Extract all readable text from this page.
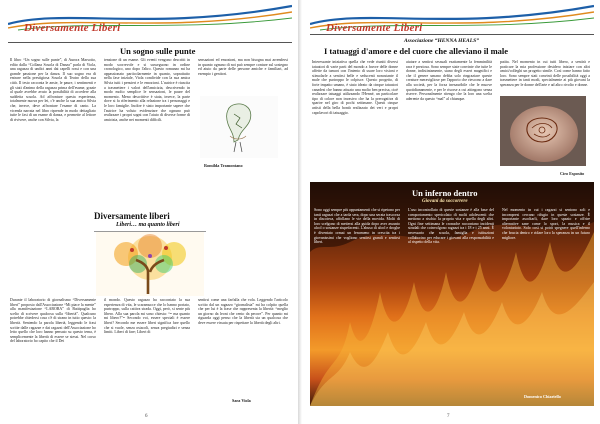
Diversamente Liberi
Un sogno sulle punte

Il libro “Un sogno sulle punte”, di Aurora Marsotto, edito dalla “Collana Scuola di Danza” parla di Viola, una ragazza di undici anni dai capelli rossi e con una grande passione per la danza. Il suo sogno era di entrare nella prestigiosa Scuola di Teatro della sua città. Il testo racconta le ansie, le paure, i sentimenti e gli stati d'animo della ragazza prima dell'esame, grazie al quale avrebbe avuto la possibilità di accedere alla suddetta scuola. Ad affrontare questa esperienza, totalmente nuova per lei, c'è anche la sua amica Silvia che, invece, deve affrontare l'esame di canto. La vicenda narrata nel libro riprende in modo dettagliato tutte le fasi di un esame di danza, e permette al lettore di rivivere, anche con Silvia, la

tensione di un esame. Gli eventi vengono descritti in modo scorrevole e si susseguono in ordine cronologico, uno dopo l'altro. Questo romanzo mi ha appassionato particolarmente in quanto, soprattutto nella fase iniziale, Viola condivide con la sua amica Silvia tutti i pensieri e le emozioni. L'autrice è riuscita a trasmettere i valori dell'amicizia, descrivendo in modo molto semplice le sensazioni, le paure del momento. Meno descrittive è stata, invece, la parte dove si fa riferimento alla relazione tra i personaggi e le loro famiglie. Inoltre è stato importante sapere che l'autrice ha voluto evidenziare che ognuno può realizzare i propri sogni con l'aiuto di diverse forme di amicizia, anche nei momenti difficili.

sensazioni ed emozioni, ma non bisogna mai arrendersi in quanto ognuno di noi può sempre contare sul sostegno ed aiuto da parte delle persone amiche e familiari, ad esempio i genitori.

Romilda Tramontano
Diversamente liberi
Liberi… ma quanto liberi

Durante il laboratorio di giornalismo “Diversamente liberi” proposto dall'Associazione “Mi piace la mente” alla manifestazione “LABORA” di Battipaglia ho scelto di scrivere qualcosa sulla “libertà”. Qualcuno potrebbe chiedersi cosa c'è di strano in tutto questo: la libertà. Sentendo la parola libertà, leggendo le frasi scritte dalle ragazze e dai ragazzi dell'Associazione ho letto quello che loro hanno pensato su questo tema, è semplicemente la libertà di essere se stessi. Nel corso del laboratorio ho capito che il Dei

il mondo. Questo ragazzo ha raccontato la sua esperienza di vita, le scaramucce che lo hanno portato, purtroppo, sulla cattiva strada. Oggi, però, si sente più libero. Alla sua parola mi sono chiesta: “= ma quanto mi libero?”= Secondo voi, essere speciali è essere liberi? Secondo me essere liberi significa fare quello che si vuole, senza ostacoli, senza pregiudizi e senza limiti. Liberi di fare; Liberi di

sentirsi come una farfalla che vola. Leggendo l'articolo scritto dal un ragazzo “giornalista” mi ha colpito quella che per lui è la frase che rappresenta la libertà: “meglio un giorno da leoni che cento da pecore”. Per quanto mi riguarda oggi penso che la libertà sia un qualcosa che deve essere vissuta per rispettare la libertà degli altri.

Sara Viola
6
Diversamente Liberi
Associazione “HENNA HEALS”
I tatuaggi d'amore e del cuore che alleviano il male

Interessante iniziativa quella che vede riuniti diversi tatuatori di varie parti del mondo a favore delle donne affette da tumori con l'intento di usare loro visioni e stimolarle a sentirsi belle e seducenti nonostante il male che purtroppo le colpisce. Questo progetto, di forte impatto umano, è stato ideato da cinque tatuatori canadesi che hanno attuato una molto ben precisa, cioè realizzare tatuaggi utilizzando l'Henné, un particolare tipo di colore non invasivo che ha la prerogativa di sparire nel giro di pochi settimane. Questi cinque artisti della bella bontà realizzato dei veri e propri capolavori di tatuaggio.

aiutare a sentirsi sessuali esattamente la femminilità rara è preziosa. Sono sempre state convinte che tutte le donne, indistintamente, siano degli esseri magnifici e che il genere umano debba solo ringraziare queste creature meravigliose per l'apporto che riescono a dare alla società, per la forza inesauribile che le muove quotidianamente, e per le risorse a cui attingono senza riserve. Personalmente ritengo che la loro una scelta aderente da questo “mal” al chiunque.

patita. Nel momento in cui tutti libero, a sentirà e praticare la mia professione desidero iniziare con altri amici/colleghi un progetto simile. Così come hanno fatto loro. Sono sempre stati convinti delle possibilità oggi a trasmettere in tanti modi, specialmente ai più giovani la speranza per le donne dell'arte e ad altro rivolto e donne.

Ciro Esposito
Un inferno dentro
Giovani da soccorrere

Sono oggi sempre più appuntamenti che si ripetono per tanti ragazzi che a tarda sera, dopo una serata trascorsa in discoteca, affollano le vie della movida. Molti di loro scelgono di mettersi alla guida dopo aver assunto alcol o sostanze stupefacenti. L'abuso di alcol e droghe è diventato ormai un fenomeno in crescita tra i giovanissimi che vogliono sentirsi grandi e sentirsi liberi.

L'uso incontrollato di queste sostanze è alla base del comportamento spericolato di molti adolescenti che mettono a rischio la propria vita e quella degli altri. Ogni fine settimana le cronache raccontano incidenti stradali che coinvolgono ragazzi tra i 18 e i 25 anni. È necessario che scuola, famiglia e istituzioni collaborino per educare i giovani alla responsabilità e al rispetto della vita.

Nel momento in cui i ragazzi si sentono soli e incompresi cercano rifugio in queste sostanze. È importante ascoltarli, dare loro spazio e offrire alternative sane come lo sport, la musica e il volontariato. Solo così si potrà spegnere quell'inferno che brucia dentro e ridare loro la speranza in un futuro migliore.

Domenico Chiariello
7
